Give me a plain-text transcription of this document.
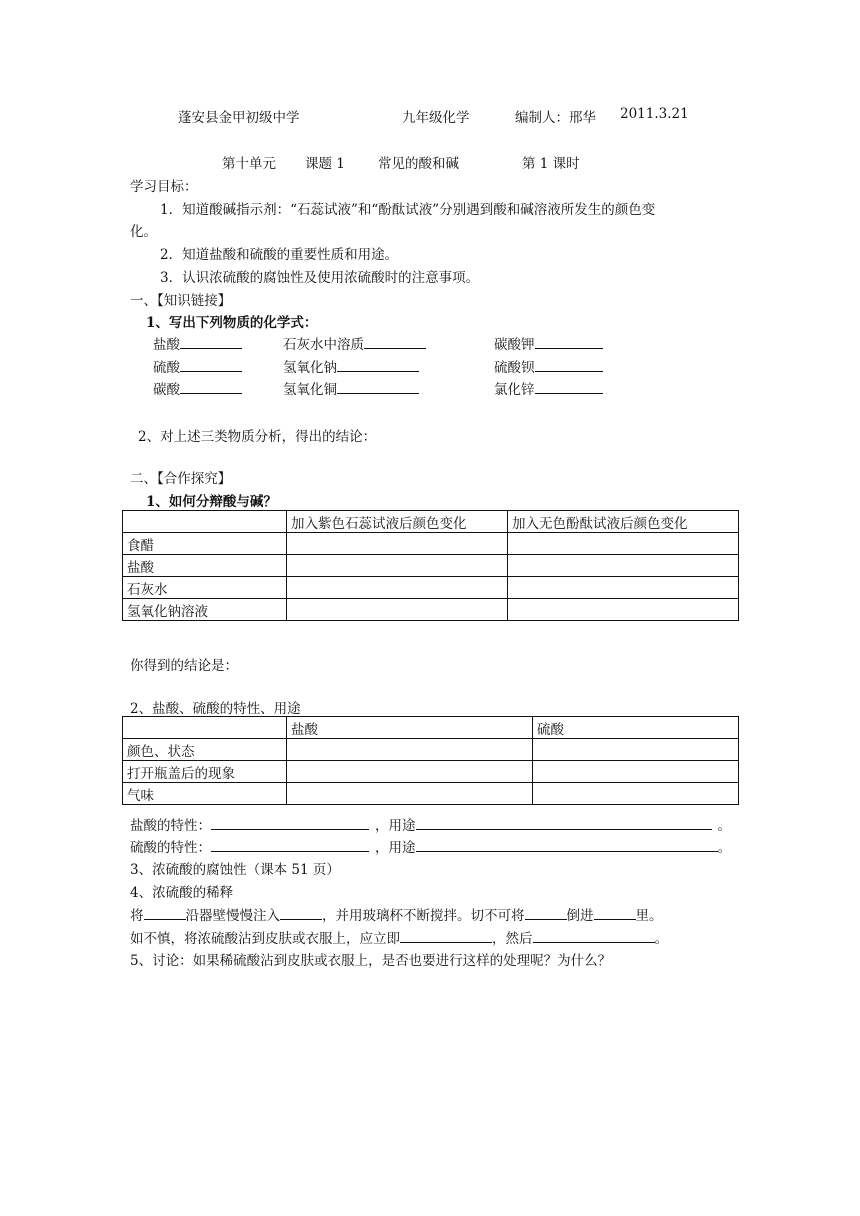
蓬安县金甲初级中学	九年级化学	编制人：邢华 2011.3.21
第十单元 课题 1 常见的酸和碱	第 1 课时
学习目标：
1．知道酸碱指示剂：“石蕊试液”和“酚酞试液”分别遇到酸和碱溶液所发生的颜色变
化。
2．知道盐酸和硫酸的重要性质和用途。
3．认识浓硫酸的腐蚀性及使用浓硫酸时的注意事项。
一、【知识链接】
1、写出下列物质的化学式：
盐酸	石灰水中溶质	碳酸钾
硫酸	氢氧化钠	硫酸钡
碳酸	氢氧化铜	氯化锌
2、对上述三类物质分析，得出的结论：
二、【合作探究】
1、如何分辩酸与碱？
	加入紫色石蕊试液后颜色变化	加入无色酚酞试液后颜色变化
食醋		
盐酸		
石灰水		
氢氧化钠溶液		
你得到的结论是：
2、盐酸、硫酸的特性、用途
	盐酸	硫酸
颜色、状态		
打开瓶盖后的现象		
气味		
盐酸的特性：	，用途	。
硫酸的特性：	，用途	。
3、浓硫酸的腐蚀性（课本 51 页）
4、浓硫酸的稀释
将	沿器壁慢慢注入	，并用玻璃杯不断搅拌。切不可将	倒进	里。
如不慎，将浓硫酸沾到皮肤或衣服上，应立即	，然后	。
5、讨论：如果稀硫酸沾到皮肤或衣服上，是否也要进行这样的处理呢？为什么？
